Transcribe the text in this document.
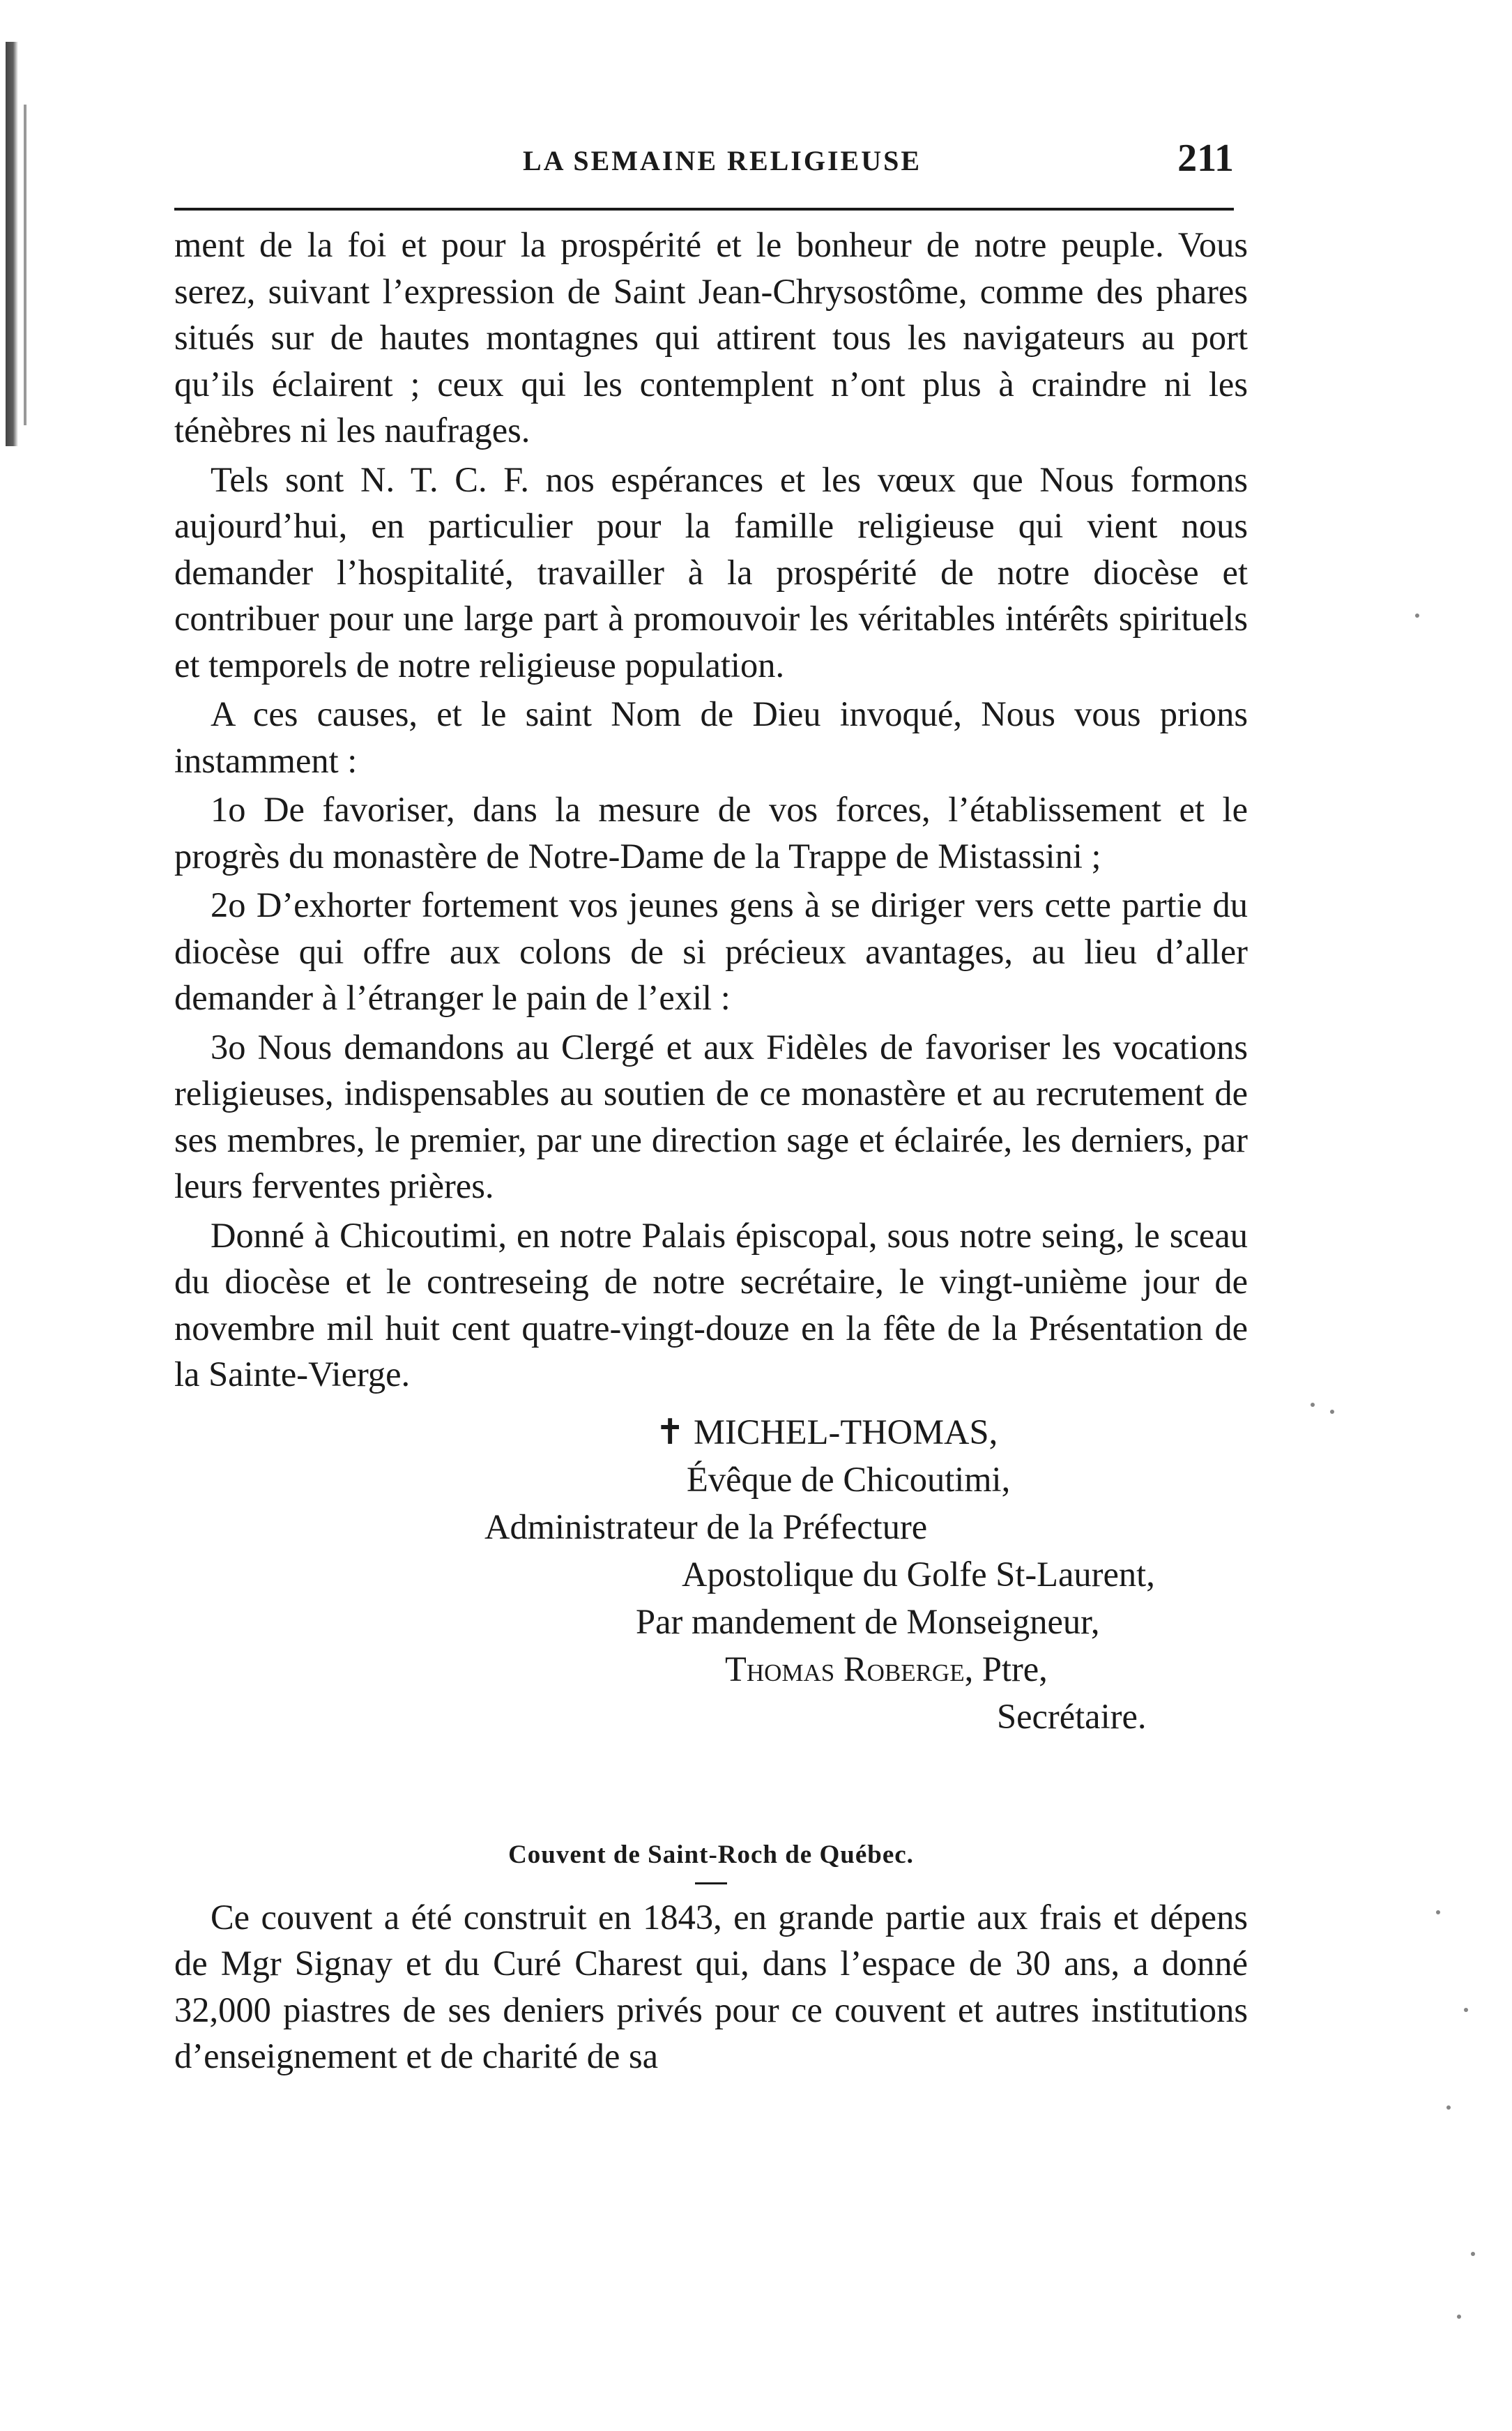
LA SEMAINE RELIGIEUSE	211

ment de la foi et pour la prospérité et le bonheur de notre peuple. Vous serez, suivant l’expression de Saint Jean-Chrysostôme, comme des phares situés sur de hautes montagnes qui attirent tous les navigateurs au port qu’ils éclairent ; ceux qui les contemplent n’ont plus à craindre ni les ténèbres ni les naufrages.

Tels sont N. T. C. F. nos espérances et les vœux que Nous formons aujourd’hui, en particulier pour la famille religieuse qui vient nous demander l’hospitalité, travailler à la prospérité de notre diocèse et contribuer pour une large part à promouvoir les véritables intérêts spirituels et temporels de notre religieuse population.

A ces causes, et le saint Nom de Dieu invoqué, Nous vous prions instamment :

1o De favoriser, dans la mesure de vos forces, l’établissement et le progrès du monastère de Notre-Dame de la Trappe de Mistassini ;

2o D’exhorter fortement vos jeunes gens à se diriger vers cette partie du diocèse qui offre aux colons de si précieux avantages, au lieu d’aller demander à l’étranger le pain de l’exil :

3o Nous demandons au Clergé et aux Fidèles de favoriser les vocations religieuses, indispensables au soutien de ce monastère et au recrutement de ses membres, le premier, par une direction sage et éclairée, les derniers, par leurs ferventes prières.

Donné à Chicoutimi, en notre Palais épiscopal, sous notre seing, le sceau du diocèse et le contreseing de notre secrétaire, le vingt-unième jour de novembre mil huit cent quatre-vingt-douze en la fête de la Présentation de la Sainte-Vierge.

✝ MICHEL-THOMAS,
Évêque de Chicoutimi,
Administrateur de la Préfecture
Apostolique du Golfe St-Laurent,
Par mandement de Monseigneur,
Thomas Roberge, Ptre,
Secrétaire.
Couvent de Saint-Roch de Québec.

Ce couvent a été construit en 1843, en grande partie aux frais et dépens de Mgr Signay et du Curé Charest qui, dans l’espace de 30 ans, a donné 32,000 piastres de ses deniers privés pour ce couvent et autres institutions d’enseignement et de charité de sa
